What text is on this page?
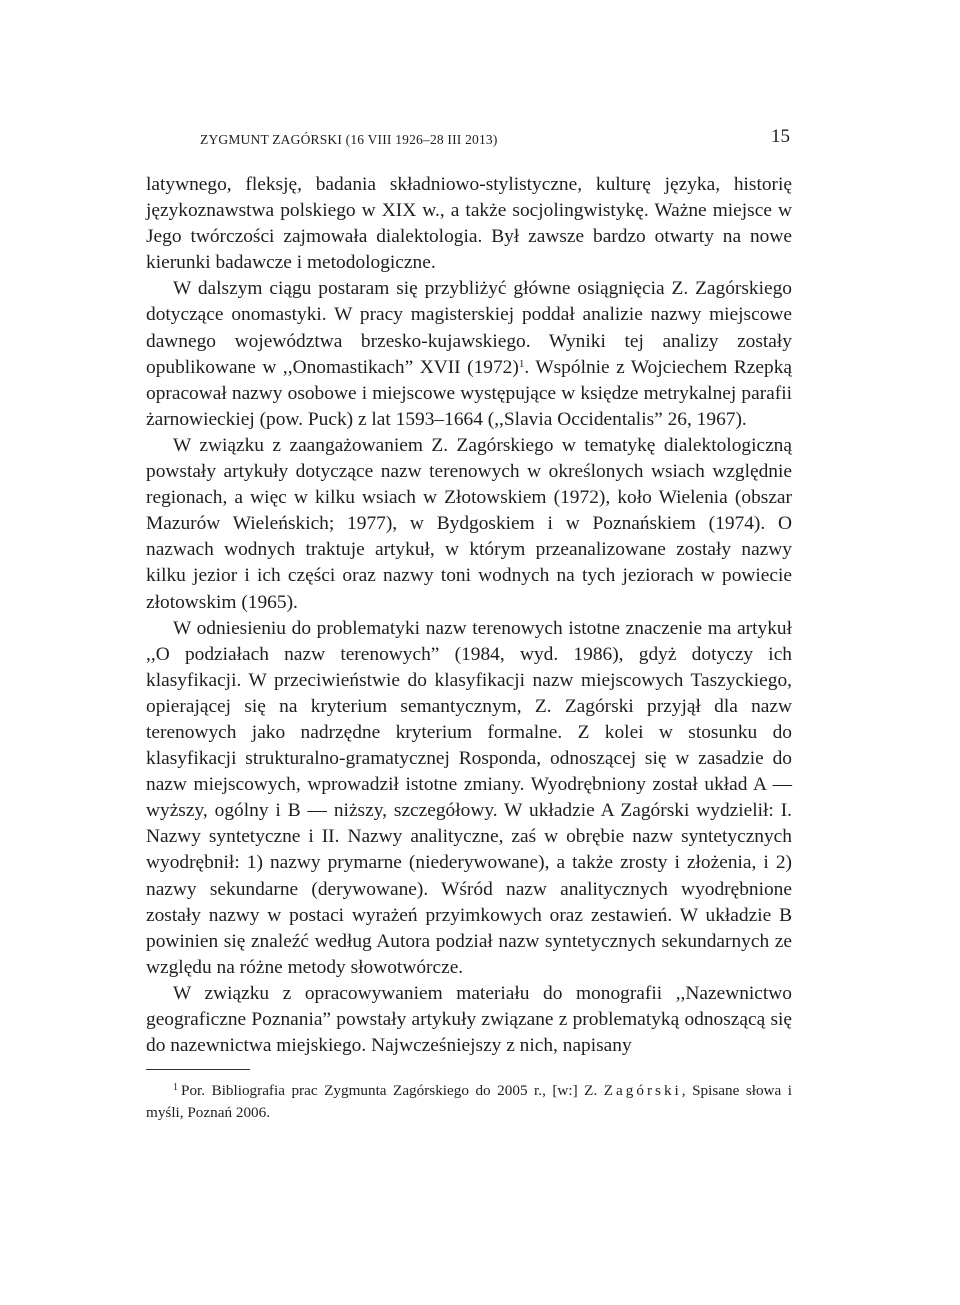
ZYGMUNT ZAGÓRSKI (16 VIII 1926–28 III 2013)	15

latywnego, fleksję, badania składniowo-stylistyczne, kulturę języka, historię językoznawstwa polskiego w XIX w., a także socjolingwistykę. Ważne miejsce w Jego twórczości zajmowała dialektologia. Był zawsze bardzo otwarty na nowe kierunki badawcze i metodologiczne.

W dalszym ciągu postaram się przybliżyć główne osiągnięcia Z. Zagórskiego dotyczące onomastyki. W pracy magisterskiej poddał analizie nazwy miejscowe dawnego województwa brzesko-kujawskiego. Wyniki tej analizy zostały opublikowane w ,,Onomastikach” XVII (1972)$^1$. Wspólnie z Wojciechem Rzepką opracował nazwy osobowe i miejscowe występujące w księdze metrykalnej parafii żarnowieckiej (pow. Puck) z lat 1593–1664 (,,Slavia Occidentalis” 26, 1967).

W związku z zaangażowaniem Z. Zagórskiego w tematykę dialektologiczną powstały artykuły dotyczące nazw terenowych w określonych wsiach względnie regionach, a więc w kilku wsiach w Złotowskiem (1972), koło Wielenia (obszar Mazurów Wieleńskich; 1977), w Bydgoskiem i w Poznańskiem (1974). O nazwach wodnych traktuje artykuł, w którym przeanalizowane zostały nazwy kilku jezior i ich części oraz nazwy toni wodnych na tych jeziorach w powiecie złotowskim (1965).

W odniesieniu do problematyki nazw terenowych istotne znaczenie ma artykuł ,,O podziałach nazw terenowych” (1984, wyd. 1986), gdyż dotyczy ich klasyfikacji. W przeciwieństwie do klasyfikacji nazw miejscowych Taszyckiego, opierającej się na kryterium semantycznym, Z. Zagórski przyjął dla nazw terenowych jako nadrzędne kryterium formalne. Z kolei w stosunku do klasyfikacji strukturalno-gramatycznej Rosponda, odnoszącej się w zasadzie do nazw miejscowych, wprowadził istotne zmiany. Wyodrębniony został układ A — wyższy, ogólny i B — niższy, szczegółowy. W układzie A Zagórski wydzielił: I. Nazwy syntetyczne i II. Nazwy analityczne, zaś w obrębie nazw syntetycznych wyodrębnił: 1) nazwy prymarne (niederywowane), a także zrosty i złożenia, i 2) nazwy sekundarne (derywowane). Wśród nazw analitycznych wyodrębnione zostały nazwy w postaci wyrażeń przyimkowych oraz zestawień. W układzie B powinien się znaleźć według Autora podział nazw syntetycznych sekundarnych ze względu na różne metody słowotwórcze.

W związku z opracowywaniem materiału do monografii ,,Nazewnictwo geograficzne Poznania” powstały artykuły związane z problematyką odnoszącą się do nazewnictwa miejskiego. Najwcześniejszy z nich, napisany

$^1$ Por. Bibliografia prac Zygmunta Zagórskiego do 2005 r., [w:] Z. Zagórski, Spisane słowa i myśli, Poznań 2006.
